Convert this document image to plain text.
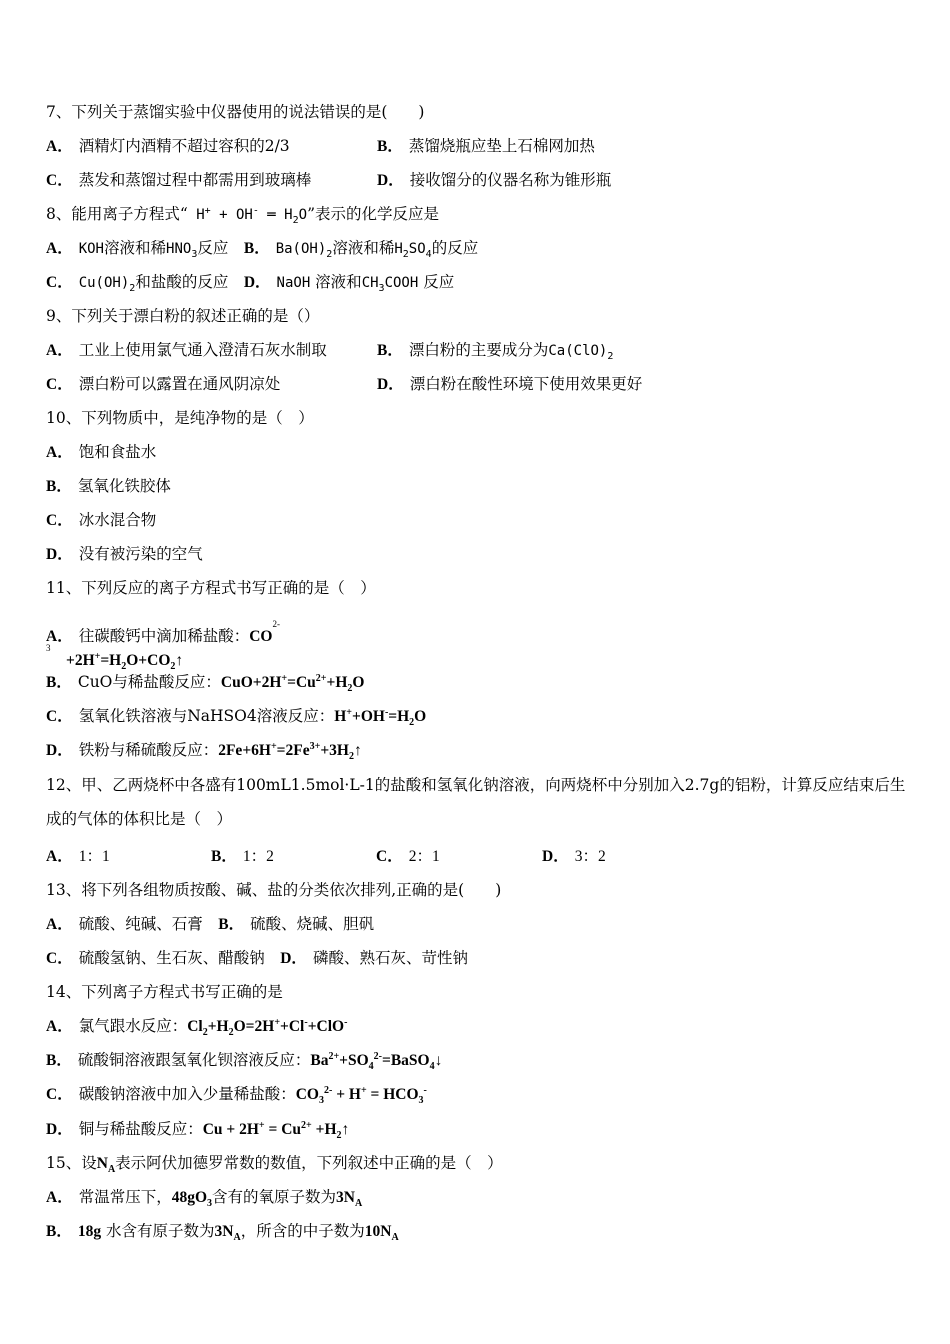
7、下列关于蒸馏实验中仪器使用的说法错误的是(　　)
A． 酒精灯内酒精不超过容积的2/3	B． 蒸馏烧瓶应垫上石棉网加热
C． 蒸发和蒸馏过程中都需用到玻璃棒	D． 接收馏分的仪器名称为锥形瓶
8、能用离子方程式“ H+ + OH- ═ $H_2O$”表示的化学反应是
A． KOH溶液和稀$HNO_3$反应　B． $Ba(OH)_2$溶液和稀$H_2SO_4$的反应
C． $Cu(OH)_2$和盐酸的反应　D． NaOH 溶液和$CH_3COOH$ 反应
9、下列关于漂白粉的叙述正确的是（）
A． 工业上使用氯气通入澄清石灰水制取	B． 漂白粉的主要成分为$Ca(ClO)_2$
C． 漂白粉可以露置在通风阴凉处	D． 漂白粉在酸性环境下使用效果更好
10、下列物质中，是纯净物的是（　）
A． 饱和食盐水
B． 氢氧化铁胶体
C． 冰水混合物
D． 没有被污染的空气
11、下列反应的离子方程式书写正确的是（　）
A． 往碳酸钙中滴加稀盐酸：$CO^{2- 3}$　$+2H^+=H_2O+CO_2↑$
B． CuO与稀盐酸反应：$CuO+2H^+=Cu^{2+}+H_2O$
C． 氢氧化铁溶液与NaHSO4溶液反应：$H^++OH^-=H_2O$
D． 铁粉与稀硫酸反应：$2Fe+6H^+=2Fe^{3+}+3H_2↑$
12、甲、乙两烧杯中各盛有100mL1.5mol·L-1的盐酸和氢氧化钠溶液，向两烧杯中分别加入2.7g的铝粉，计算反应结束后生成的气体的体积比是（　）
A． 1：1	B． 1：2	C． 2：1	D． 3：2
13、将下列各组物质按酸、碱、盐的分类依次排列,正确的是(　　)
A． 硫酸、纯碱、石膏　 B． 硫酸、烧碱、胆矾
C． 硫酸氢钠、生石灰、醋酸钠　 D． 磷酸、熟石灰、苛性钠
14、下列离子方程式书写正确的是
A． 氯气跟水反应：$Cl_2+H_2O=2H^++Cl^-+ClO^-$
B． 硫酸铜溶液跟氢氧化钡溶液反应：$Ba^{2+}+SO_4^{2-}=BaSO_4↓$
C． 碳酸钠溶液中加入少量稀盐酸：$CO_3^{2-} + H^+ = HCO_3^-$
D． 铜与稀盐酸反应：$Cu + 2H^+ = Cu^{2+}$ $+H_2↑$
15、设$N_A$表示阿伏加德罗常数的数值，下列叙述中正确的是（　）
A． 常温常压下，$48gO_3$含有的氧原子数为$3N_A$
B． 18g 水含有原子数为$3N_A$，所含的中子数为$10N_A$
